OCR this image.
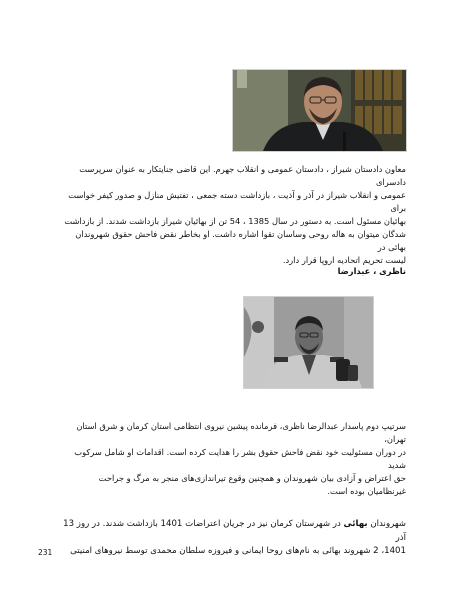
معاون دادستان شیراز ، دادستان عمومی و انقلاب جهرم. این قاضی جنایتکار به عنوان سرپرست دادسرای

عمومی و انقلاب شیراز در آذر و آذیت ، بازداشت دسته جمعی ، تفتیش منازل و صدور کیفر خواست برای

بهائیان مسئول است. به دستور در سال 1385 ، 54 تن از بهائیان شیراز بازداشت شدند. از بازداشت

شدگان میتوان به هاله روحی وساسان تقوا اشاره داشت. او بخاطر نقض فاحش حقوق شهروندان بهائی در

لیست تحریم اتحادیه اروپا قرار دارد.

ناظری ، عبدارضا

سرتیپ دوم پاسدار عبدالرضا ناظری، فرمانده پیشین نیروی انتظامی استان کرمان و شرق استان تهران،

در دوران مسئولیت خود نقض فاحش حقوق بشر را هدایت کرده است. اقدامات او شامل سرکوب شدید

حق اعتراض و آزادی بیان شهروندان و همچنین وقوع تیراندازی‌های منجر به مرگ و جراحت

غیرنظامیان بوده است.

شهروندان بهائی در شهرستان کرمان نیز در جریان اعتراضات 1401 بازداشت شدند. در روز 13 آذر

1401، 2 شهروند بهائی به نام‌های روحا ایمانی و فیروزه سلطان محمدی توسط نیروهای امنیتی

231
